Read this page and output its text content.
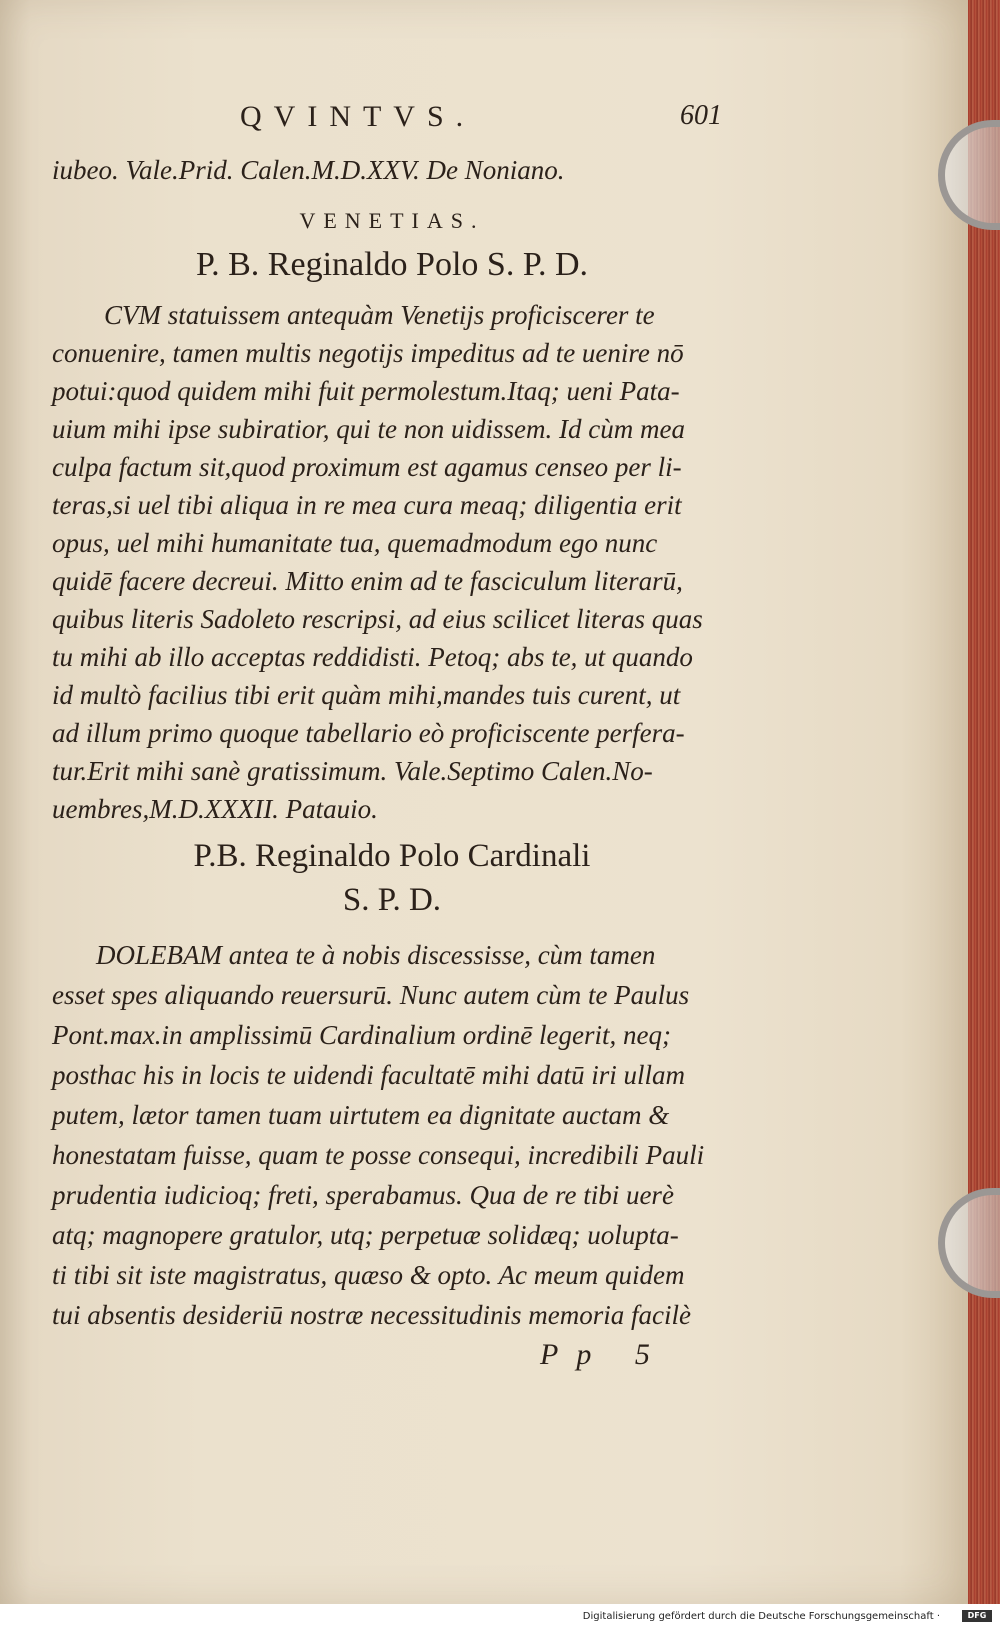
QVINTVS.	601
iubeo. Vale.Prid. Calen.M.D.XXV. De Noniano.
VENETIAS.
P. B. Reginaldo Polo S. P. D.
CVM statuissem antequàm Venetijs proficiscerer te
conuenire, tamen multis negotijs impeditus ad te uenire nō
potui:quod quidem mihi fuit permolestum.Itaq; ueni Pata-
uium mihi ipse subiratior, qui te non uidissem. Id cùm mea
culpa factum sit,quod proximum est agamus censeo per li-
teras,si uel tibi aliqua in re mea cura meaq; diligentia erit
opus, uel mihi humanitate tua, quemadmodum ego nunc
quidē facere decreui. Mitto enim ad te fasciculum literarū,
quibus literis Sadoleto rescripsi, ad eius scilicet literas quas
tu mihi ab illo acceptas reddidisti. Petoq; abs te, ut quando
id multò facilius tibi erit quàm mihi,mandes tuis curent, ut
ad illum primo quoque tabellario eò proficiscente perfera-
tur.Erit mihi sanè gratissimum. Vale.Septimo Calen.No-
uembres,M.D.XXXII. Patauio.
P.B. Reginaldo Polo Cardinali
S. P. D.
DOLEBAM antea te à nobis discessisse, cùm tamen
esset spes aliquando reuersurū. Nunc autem cùm te Paulus
Pont.max.in amplissimū Cardinalium ordinē legerit, neq;
posthac his in locis te uidendi facultatē mihi datū iri ullam
putem, lætor tamen tuam uirtutem ea dignitate auctam &
honestatam fuisse, quam te posse consequi, incredibili Pauli
prudentia iudicioq; freti, sperabamus. Qua de re tibi uerè
atq; magnopere gratulor, utq; perpetuæ solidæq; uolupta-
ti tibi sit iste magistratus, quæso & opto. Ac meum quidem
tui absentis desideriū nostræ necessitudinis memoria facilè
Pp 5
Digitalisierung gefördert durch die Deutsche Forschungsgemeinschaft ·	DFG
